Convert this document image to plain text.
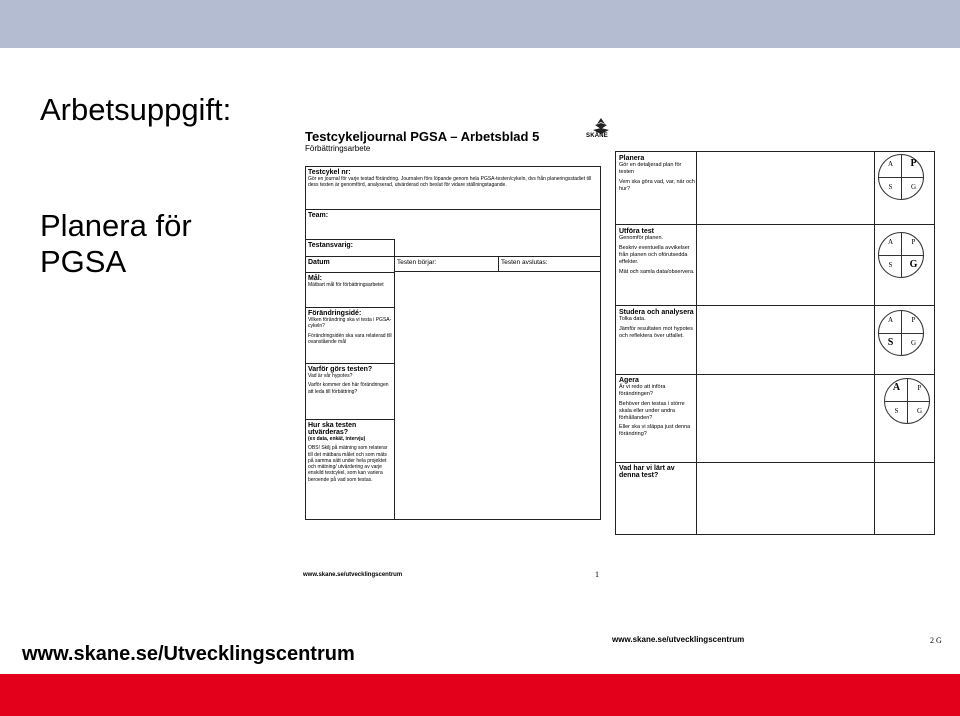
Arbetsuppgift:
Planera för PGSA
Testcykeljournal PGSA – Arbetsblad 5
Förbättringsarbete
SKÅNE
Testcykel nr:
Gör en journal för varje testad förändring. Journalen förs löpande genom hela PGSA-testen/cykeln, dvs från planeringsstadiet till dess testen är genomförd, analyserad, utvärderad och beslut för vidare ställningstagande.
Team:
Testansvarig:
Datum	Testen börjar:	Testen avslutas:
Mål:
Mätbart mål för förbättringsarbetet
Förändringsidé:
Vilken förändring ska vi testa i PGSA-cykeln?
Förändringsidén ska vara relaterad till ovanstående mål
Varför görs testen?
Vad är vår hypotes?
Varför kommer den här förändringen att leda till förbättring?
Hur ska testen utvärderas?
(ex data, enkät, intervju)
OBS! Skilj på mätning som relaterar till det mätbara målet och som mäts på samma sätt under hela projektet och mätning/ utvärdering av varje enskild testcykel, som kan variera beroende på vad som testas.
www.skane.se/utvecklingscentrum	1
Planera
Gör en detaljerad plan för testen
Vem ska göra vad, var, när och hur?
Utföra test
Genomför planen.
Beskriv eventuella avvikelser från planen och oförutsedda effekter.
Mät och samla data/observera.
Studera och analysera
Tolka data.
Jämför resultaten mot hypotes och reflektera över utfallet.
Agera
Är vi redo att införa förändringen?
Behöver den testas i större skala eller under andra förhållanden?
Eller ska vi släppa just denna förändring?
Vad har vi lärt av denna test?
A	P
S	G
A	P
S	G
A	P
S	G
A	P
S	G
www.skane.se/utvecklingscentrum	2 G
www.skane.se/Utvecklingscentrum
